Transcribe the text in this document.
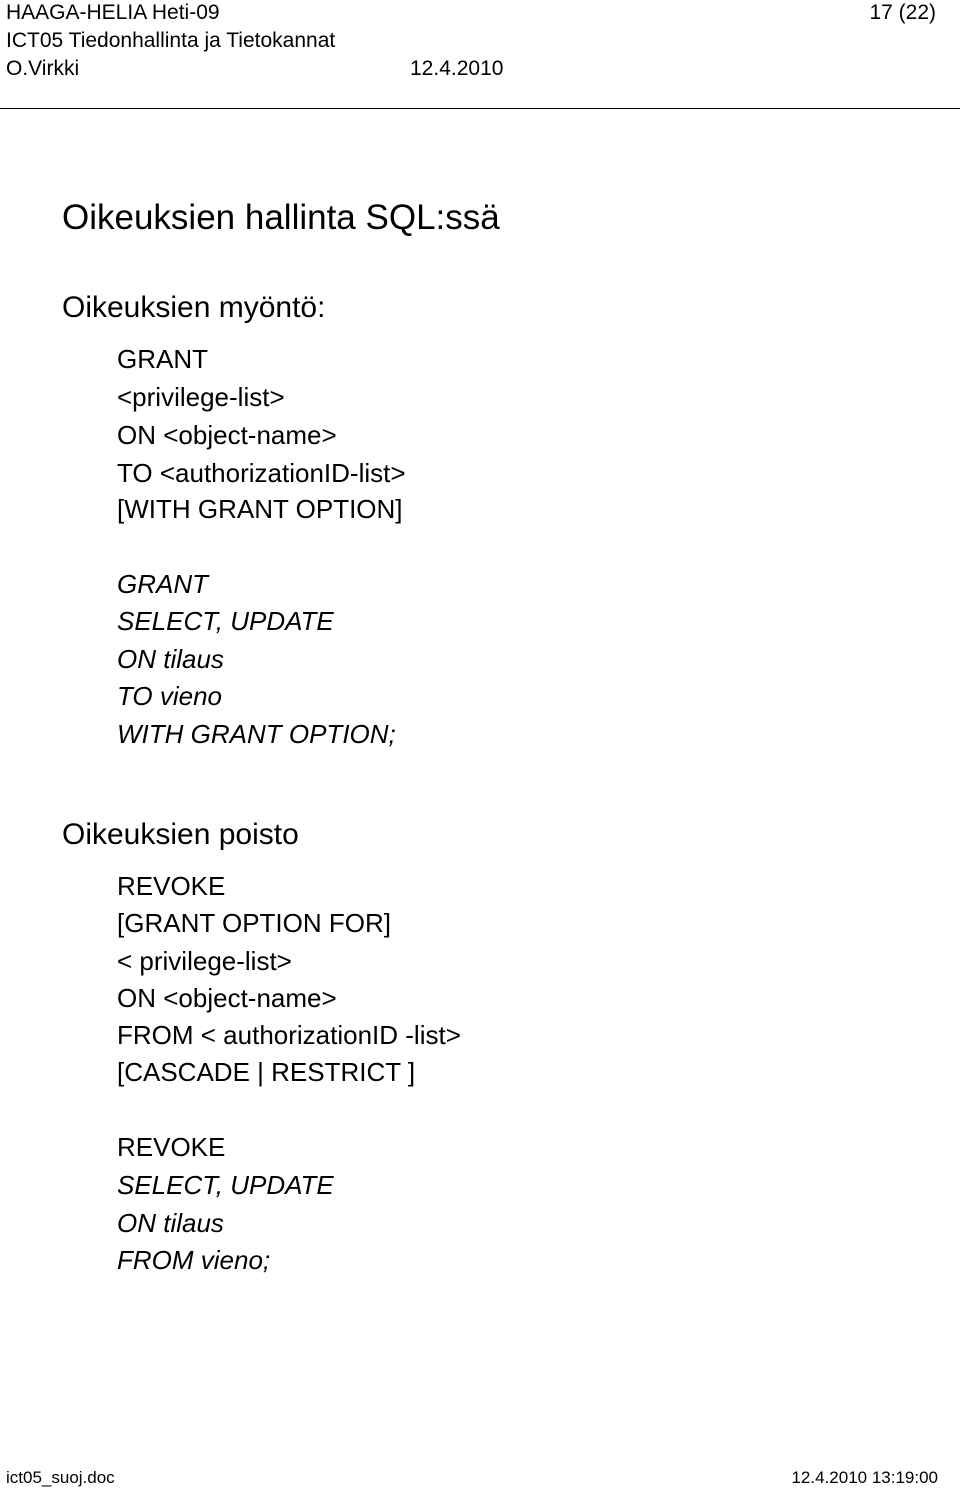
HAAGA-HELIA Heti-09	17 (22)
ICT05 Tiedonhallinta ja Tietokannat
O.Virkki	12.4.2010
Oikeuksien hallinta SQL:ssä
Oikeuksien myöntö:
GRANT
<privilege-list>
ON <object-name>
TO <authorizationID-list>
[WITH GRANT OPTION]
GRANT
SELECT, UPDATE
ON tilaus
TO vieno
WITH GRANT OPTION;
Oikeuksien poisto
REVOKE
[GRANT OPTION FOR]
< privilege-list>
ON <object-name>
FROM < authorizationID -list>
[CASCADE | RESTRICT ]
REVOKE
SELECT, UPDATE
ON tilaus
FROM vieno;
ict05_suoj.doc	12.4.2010 13:19:00
